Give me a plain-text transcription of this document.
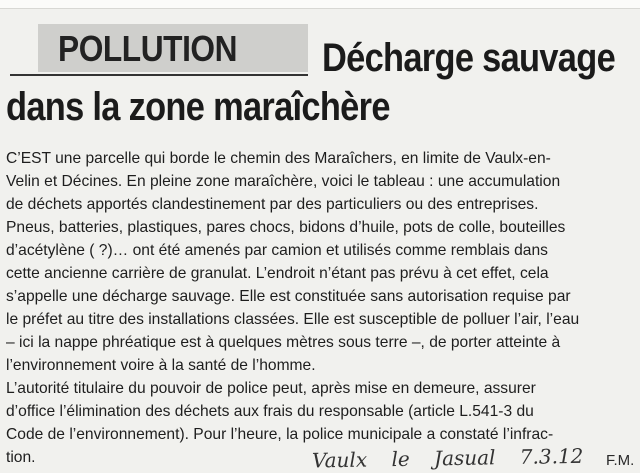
POLLUTION Décharge sauvage
dans la zone maraîchère
C’EST une parcelle qui borde le chemin des Maraîchers, en limite de Vaulx-en-
Velin et Décines. En pleine zone maraîchère, voici le tableau : une accumulation
de déchets apportés clandestinement par des particuliers ou des entreprises.
Pneus, batteries, plastiques, pares chocs, bidons d’huile, pots de colle, bouteilles
d’acétylène ( ?)… ont été amenés par camion et utilisés comme remblais dans
cette ancienne carrière de granulat. L’endroit n’étant pas prévu à cet effet, cela
s’appelle une décharge sauvage. Elle est constituée sans autorisation requise par
le préfet au titre des installations classées. Elle est susceptible de polluer l’air, l’eau
– ici la nappe phréatique est à quelques mètres sous terre –, de porter atteinte à
l’environnement voire à la santé de l’homme.
L’autorité titulaire du pouvoir de police peut, après mise en demeure, assurer
d’office l’élimination des déchets aux frais du responsable (article L.541-3 du
Code de l’environnement). Pour l’heure, la police municipale a constaté l’infrac-
tion.	Vaulx le Jasual 7.3.12	F.M.
